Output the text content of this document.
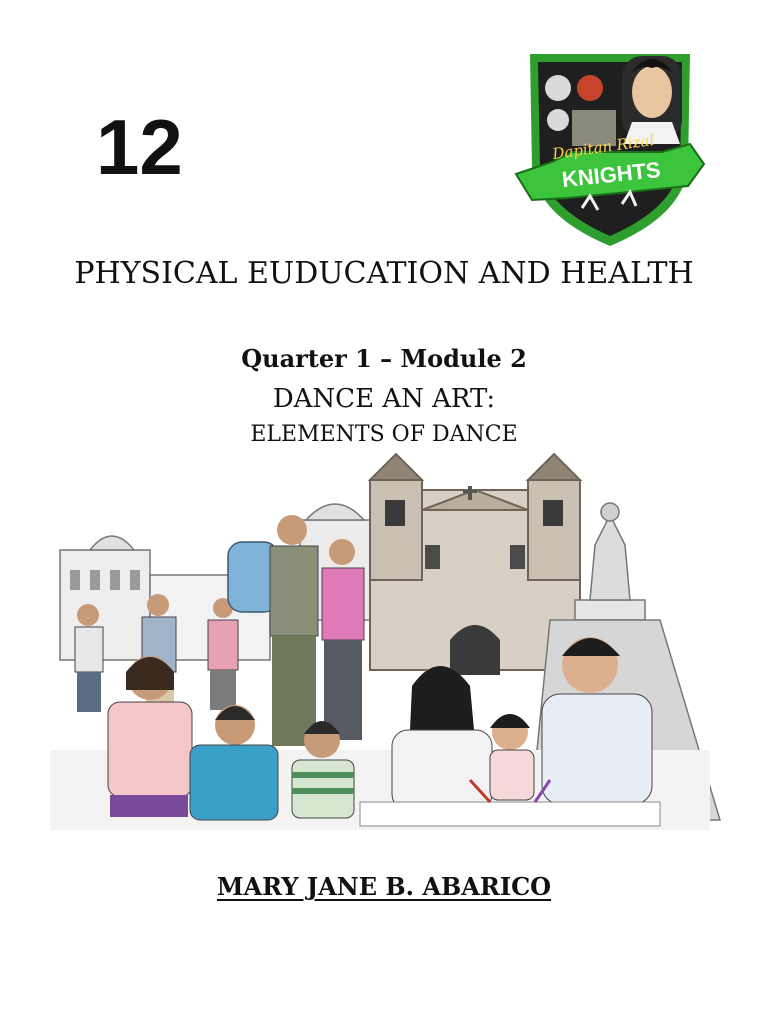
12	KNIGHTS
Dapitan Rizal
PHYSICAL EUDUCATION AND HEALTH
Quarter 1 – Module 2
DANCE AN ART:
ELEMENTS OF DANCE
MARY JANE B. ABARICO
